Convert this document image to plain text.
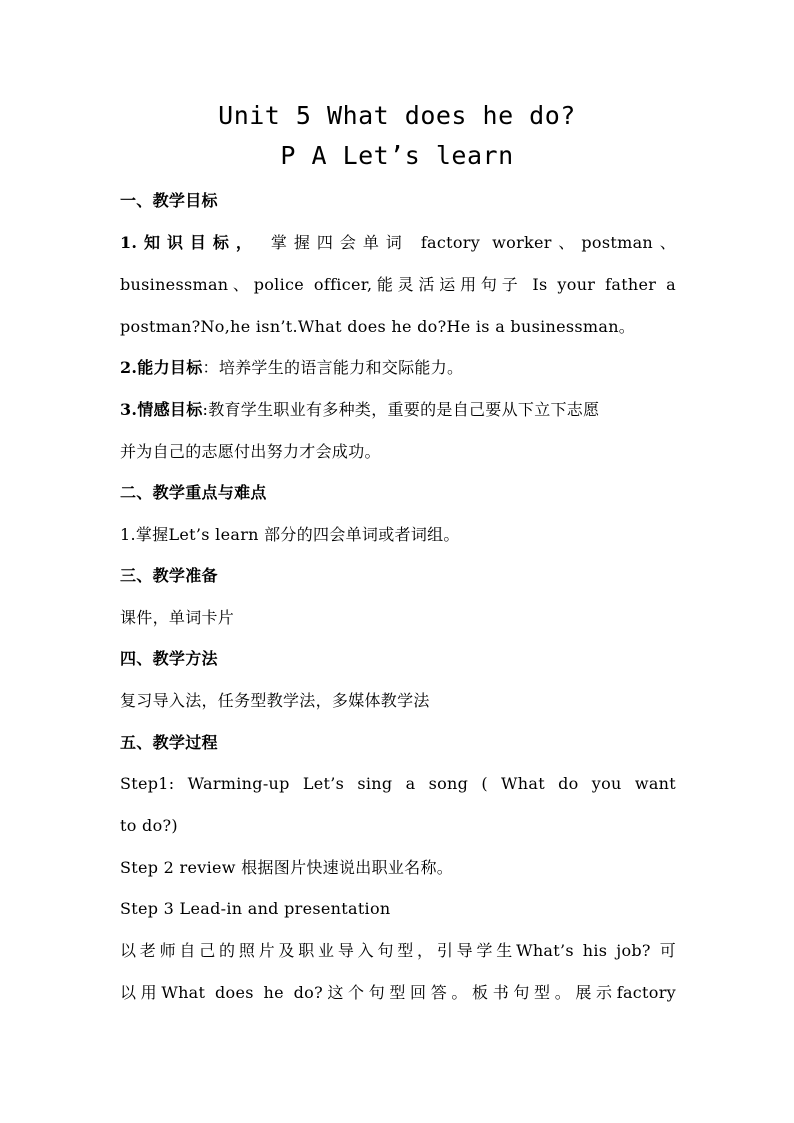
Unit 5 What does he do?
P A Let’s learn
一、教学目标
1.知识目标， 掌握四会单词 factory worker、postman、
businessman、police officer,能灵活运用句子 Is your father a
postman?No,he isn’t.What does he do?He is a businessman。
2.能力目标：培养学生的语言能力和交际能力。
3.情感目标:教育学生职业有多种类，重要的是自己要从下立下志愿
并为自己的志愿付出努力才会成功。
二、教学重点与难点
1.掌握Let’s learn 部分的四会单词或者词组。
三、教学准备
课件，单词卡片
四、教学方法
复习导入法，任务型教学法，多媒体教学法
五、教学过程
Step1: Warming-up Let’s sing a song ( What do you want
to do?)
Step 2 review 根据图片快速说出职业名称。
Step 3 Lead-in and presentation
以老师自己的照片及职业导入句型，引导学生What’s his job? 可
以用What does he do?这个句型回答。板书句型。展示factory
